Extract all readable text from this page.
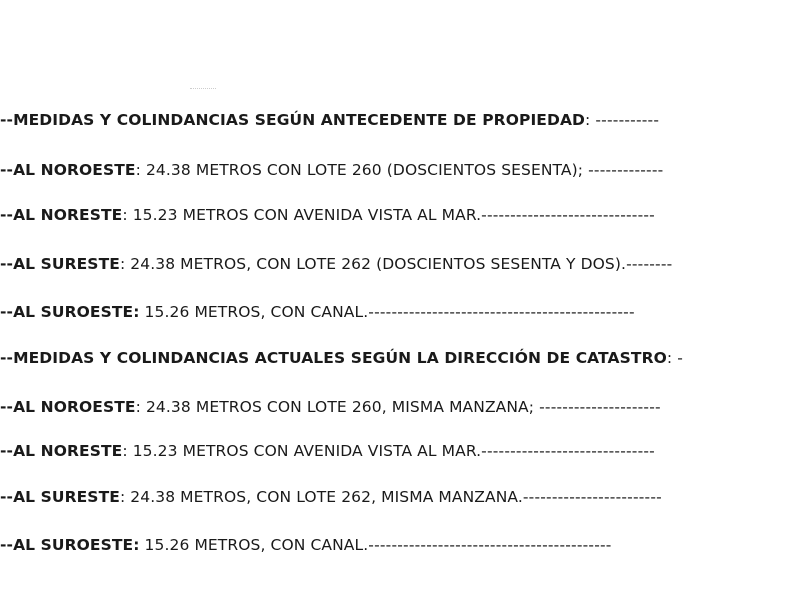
--MEDIDAS Y COLINDANCIAS SEGÚN ANTECEDENTE DE PROPIEDAD: -----------
--AL NOROESTE: 24.38 METROS CON LOTE 260 (DOSCIENTOS SESENTA); -------------
--AL NORESTE: 15.23 METROS CON AVENIDA VISTA AL MAR.------------------------------
--AL SURESTE: 24.38 METROS, CON LOTE 262 (DOSCIENTOS SESENTA Y DOS).--------
--AL SUROESTE: 15.26 METROS, CON CANAL.----------------------------------------------
--MEDIDAS Y COLINDANCIAS ACTUALES SEGÚN LA DIRECCIÓN DE CATASTRO: -
--AL NOROESTE: 24.38 METROS CON LOTE 260, MISMA MANZANA; ---------------------
--AL NORESTE: 15.23 METROS CON AVENIDA VISTA AL MAR.------------------------------
--AL SURESTE: 24.38 METROS, CON LOTE 262, MISMA MANZANA.------------------------
--AL SUROESTE: 15.26 METROS, CON CANAL.------------------------------------------
